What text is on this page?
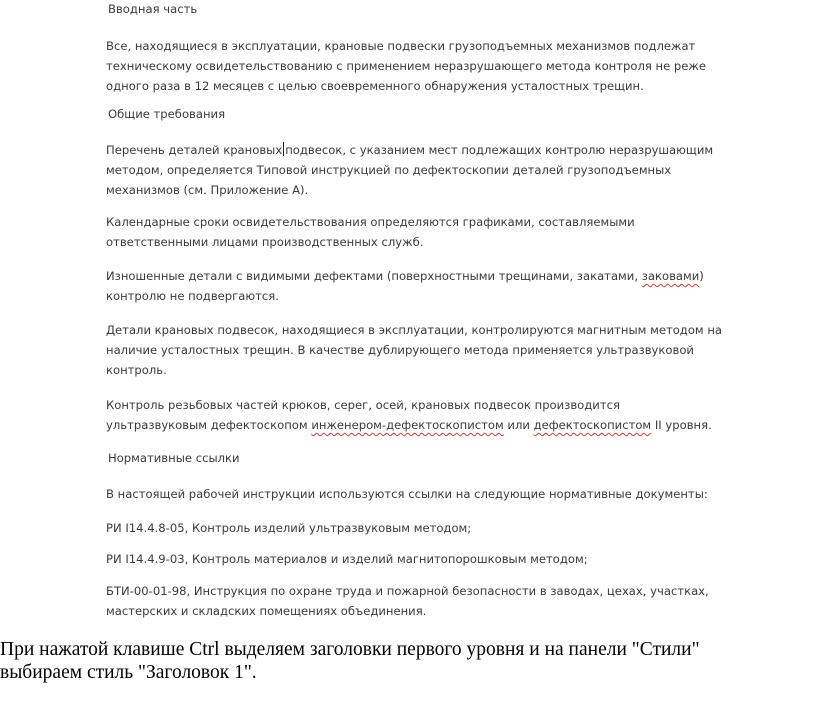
Вводная часть
Все, находящиеся в эксплуатации, крановые подвески грузоподъемных механизмов подлежат
техническому освидетельствованию с применением неразрушающего метода контроля не реже
одного раза в 12 месяцев с целью своевременного обнаружения усталостных трещин.
Общие требования
Перечень деталей крановых подвесок, с указанием мест подлежащих контролю неразрушающим
методом, определяется Типовой инструкцией по дефектоскопии деталей грузоподъемных
механизмов (см. Приложение А).
Календарные сроки освидетельствования определяются графиками, составляемыми
ответственными лицами производственных служб.
Изношенные детали с видимыми дефектами (поверхностными трещинами, закатами, заковами)
контролю не подвергаются.
Детали крановых подвесок, находящиеся в эксплуатации, контролируются магнитным методом на
наличие усталостных трещин. В качестве дублирующего метода применяется ультразвуковой
контроль.
Контроль резьбовых частей крюков, серег, осей, крановых подвесок производится
ультразвуковым дефектоскопом инженером-дефектоскопистом или дефектоскопистом II уровня.
Нормативные ссылки
В настоящей рабочей инструкции используются ссылки на следующие нормативные документы:
РИ I14.4.8-05, Контроль изделий ультразвуковым методом;
РИ I14.4.9-03, Контроль материалов и изделий магнитопорошковым методом;
БТИ-00-01-98, Инструкция по охране труда и пожарной безопасности в заводах, цехах, участках,
мастерских и складских помещениях объединения.
При нажатой клавише Ctrl выделяем заголовки первого уровня и на панели "Стили"
выбираем стиль "Заголовок 1".
